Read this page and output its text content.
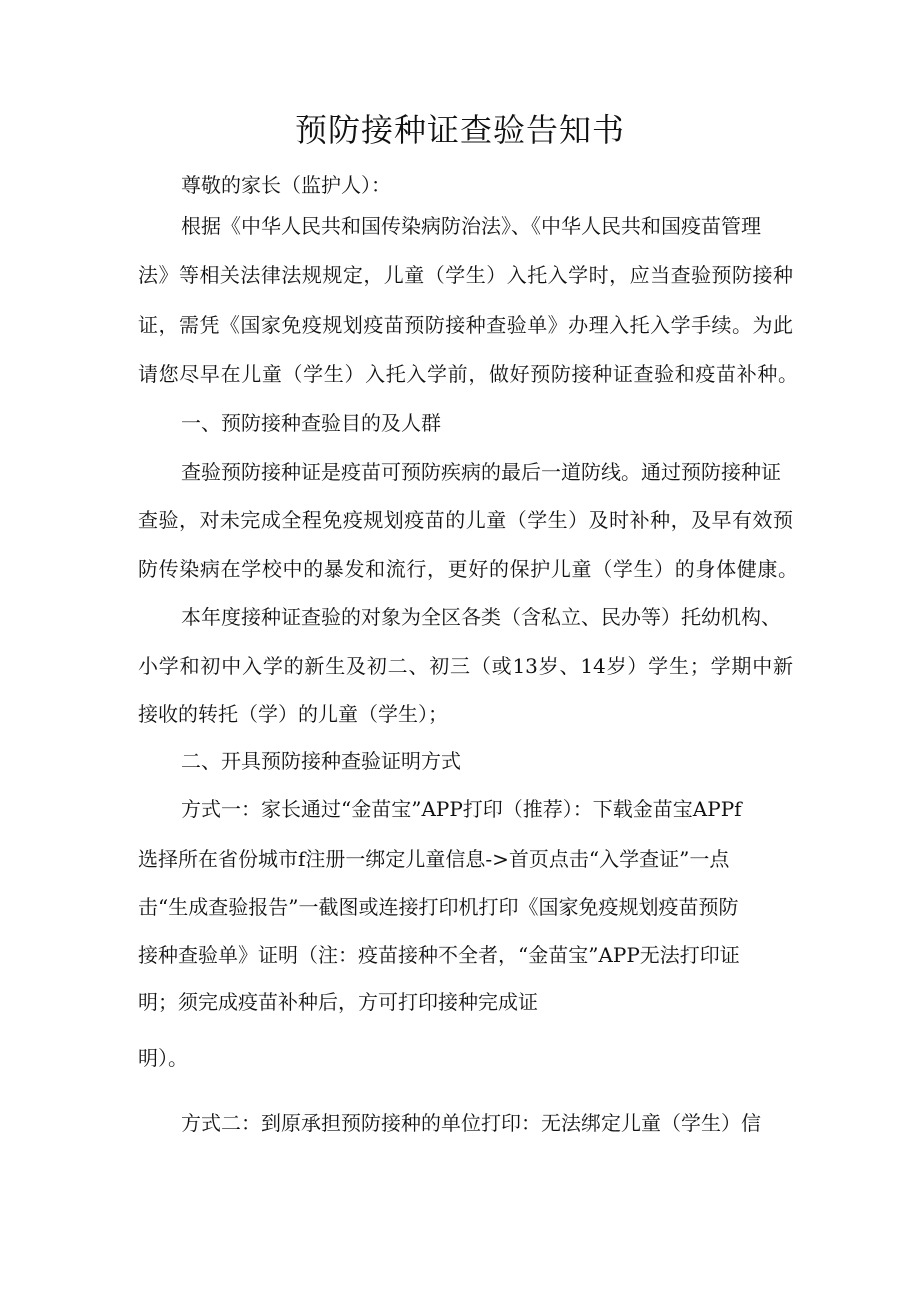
预防接种证查验告知书
尊敬的家长（监护人）：
根据《中华人民共和国传染病防治法》、《中华人民共和国疫苗管理
法》等相关法律法规规定，儿童（学生）入托入学时，应当查验预防接种
证，需凭《国家免疫规划疫苗预防接种查验单》办理入托入学手续。为此
请您尽早在儿童（学生）入托入学前，做好预防接种证查验和疫苗补种。
一、预防接种查验目的及人群
查验预防接种证是疫苗可预防疾病的最后一道防线。通过预防接种证
查验，对未完成全程免疫规划疫苗的儿童（学生）及时补种，及早有效预
防传染病在学校中的暴发和流行，更好的保护儿童（学生）的身体健康。
本年度接种证查验的对象为全区各类（含私立、民办等）托幼机构、
小学和初中入学的新生及初二、初三（或13岁、14岁）学生；学期中新
接收的转托（学）的儿童（学生）；
二、开具预防接种查验证明方式
方式一：家长通过“金苗宝”APP打印（推荐）：下载金苗宝APPf
选择所在省份城市f注册一绑定儿童信息->首页点击“入学查证”一点
击“生成查验报告”一截图或连接打印机打印《国家免疫规划疫苗预防
接种查验单》证明（注：疫苗接种不全者，“金苗宝”APP无法打印证
明；须完成疫苗补种后，方可打印接种完成证
明）。
方式二：到原承担预防接种的单位打印：无法绑定儿童（学生）信
